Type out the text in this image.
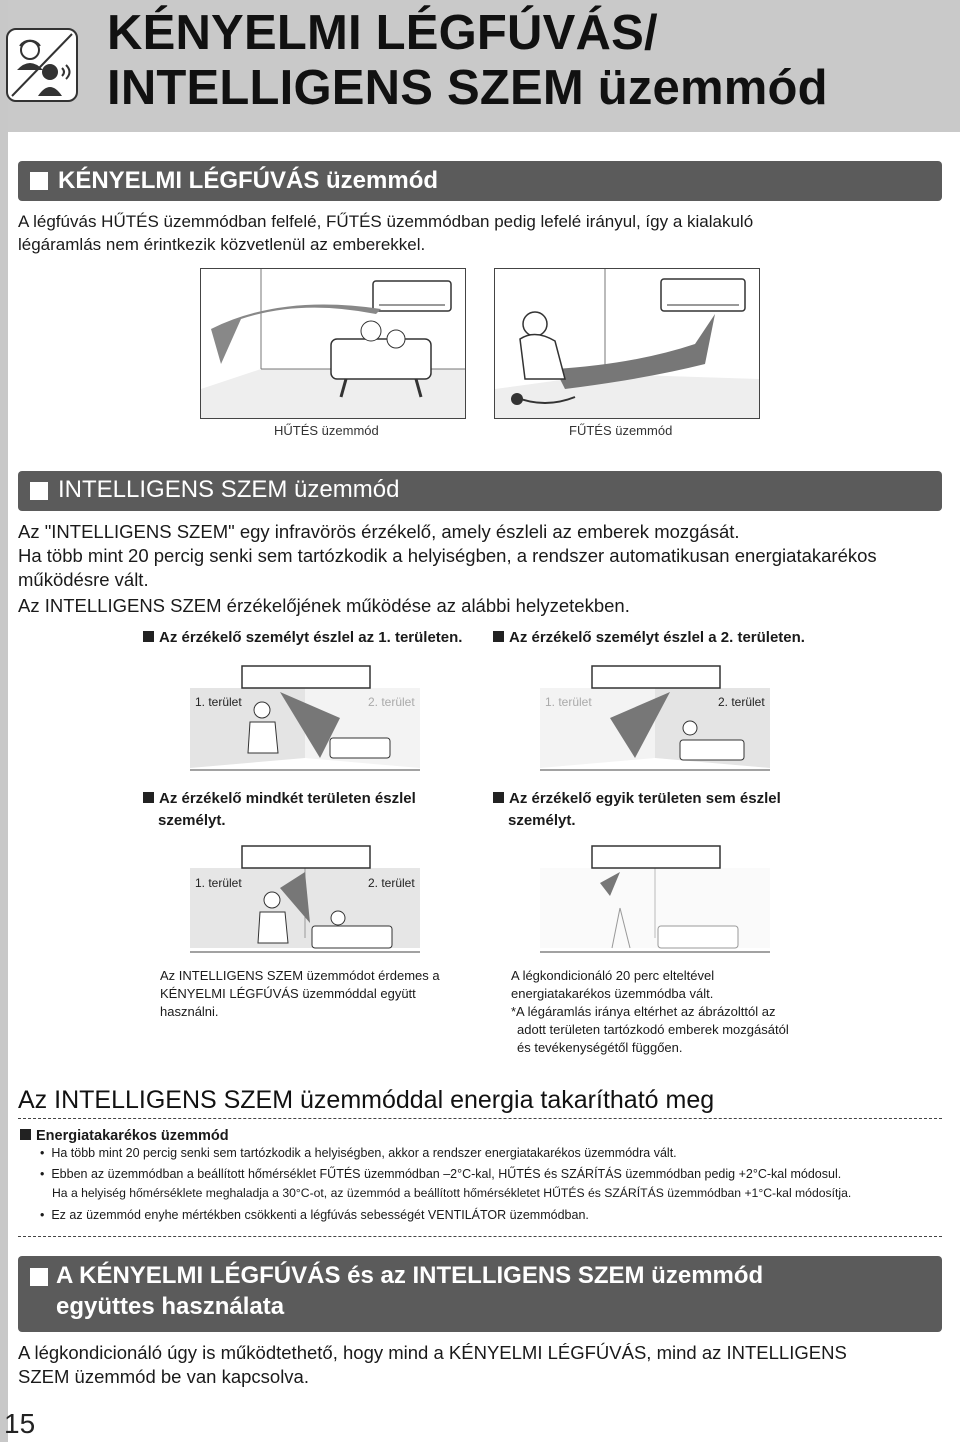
KÉNYELMI LÉGFÚVÁS/
INTELLIGENS SZEM üzemmód
KÉNYELMI LÉGFÚVÁS üzemmód
A légfúvás HŰTÉS üzemmódban felfelé, FŰTÉS üzemmódban pedig lefelé irányul, így a kialakuló
légáramlás nem érintkezik közvetlenül az emberekkel.
HŰTÉS üzemmód	FŰTÉS üzemmód
INTELLIGENS SZEM üzemmód
Az "INTELLIGENS SZEM" egy infravörös érzékelő, amely észleli az emberek mozgását.
Ha több mint 20 percig senki sem tartózkodik a helyiségben, a rendszer automatikusan energiatakarékos
működésre vált.
Az INTELLIGENS SZEM érzékelőjének működése az alábbi helyzetekben.
Az érzékelő személyt észlel az 1. területen.	Az érzékelő személyt észlel a 2. területen.
1. terület	2. terület	1. terület	2. terület
Az érzékelő mindkét területen észlel
személyt.
Az érzékelő egyik területen sem észlel
személyt.
1. terület	2. terület
Az INTELLIGENS SZEM üzemmódot érdemes a
KÉNYELMI LÉGFÚVÁS üzemmóddal együtt
használni.
A légkondicionáló 20 perc elteltével
energiatakarékos üzemmódba vált.
*A légáramlás iránya eltérhet az ábrázolttól az
adott területen tartózkodó emberek mozgásától
és tevékenységétől függően.
Az INTELLIGENS SZEM üzemmóddal energia takarítható meg
Energiatakarékos üzemmód
•  Ha több mint 20 percig senki sem tartózkodik a helyiségben, akkor a rendszer energiatakarékos üzemmódra vált.
•  Ebben az üzemmódban a beállított hőmérséklet FŰTÉS üzemmódban –2°C-kal, HŰTÉS és SZÁRÍTÁS üzemmódban pedig +2°C-kal módosul.
Ha a helyiség hőmérséklete meghaladja a 30°C-ot, az üzemmód a beállított hőmérsékletet HŰTÉS és SZÁRÍTÁS üzemmódban +1°C-kal módosítja.
•  Ez az üzemmód enyhe mértékben csökkenti a légfúvás sebességét VENTILÁTOR üzemmódban.
A KÉNYELMI LÉGFÚVÁS és az INTELLIGENS SZEM üzemmód
együttes használata
A légkondicionáló úgy is működtethető, hogy mind a KÉNYELMI LÉGFÚVÁS, mind az INTELLIGENS
SZEM üzemmód be van kapcsolva.
15
